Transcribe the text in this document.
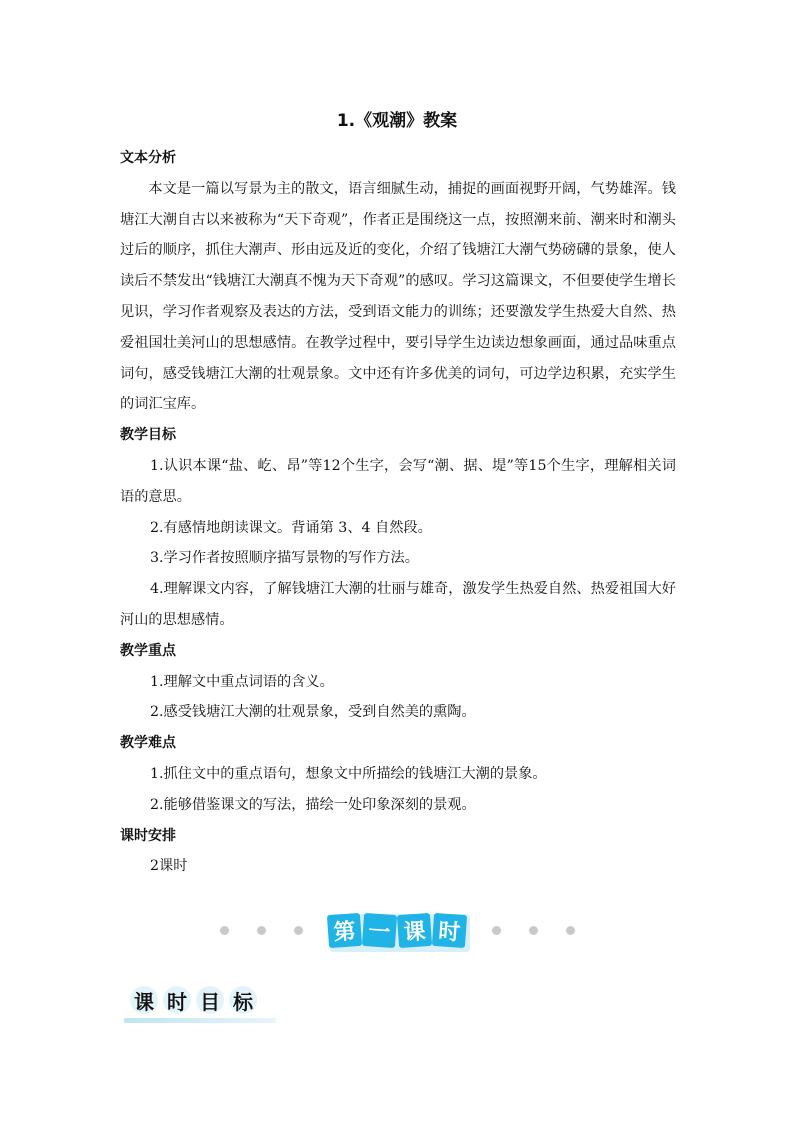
1.《观潮》教案

文本分析

本文是一篇以写景为主的散文，语言细腻生动，捕捉的画面视野开阔，气势雄浑。钱塘江大潮自古以来被称为“天下奇观”，作者正是围绕这一点，按照潮来前、潮来时和潮头过后的顺序，抓住大潮声、形由远及近的变化，介绍了钱塘江大潮气势磅礴的景象，使人读后不禁发出“钱塘江大潮真不愧为天下奇观”的感叹。学习这篇课文，不但要使学生增长见识，学习作者观察及表达的方法，受到语文能力的训练；还要激发学生热爱大自然、热爱祖国壮美河山的思想感情。在教学过程中，要引导学生边读边想象画面，通过品味重点词句，感受钱塘江大潮的壮观景象。文中还有许多优美的词句，可边学边积累，充实学生的词汇宝库。

教学目标

1.认识本课“盐、屹、昂”等12个生字，会写“潮、据、堤”等15个生字，理解相关词语的意思。

2.有感情地朗读课文。背诵第 3、4 自然段。

3.学习作者按照顺序描写景物的写作方法。

4.理解课文内容，了解钱塘江大潮的壮丽与雄奇，激发学生热爱自然、热爱祖国大好河山的思想感情。

教学重点

1.理解文中重点词语的含义。

2.感受钱塘江大潮的壮观景象，受到自然美的熏陶。

教学难点

1.抓住文中的重点语句，想象文中所描绘的钱塘江大潮的景象。

2.能够借鉴课文的写法，描绘一处印象深刻的景观。

课时安排

2课时

第 一 课 时
课 时 目 标
